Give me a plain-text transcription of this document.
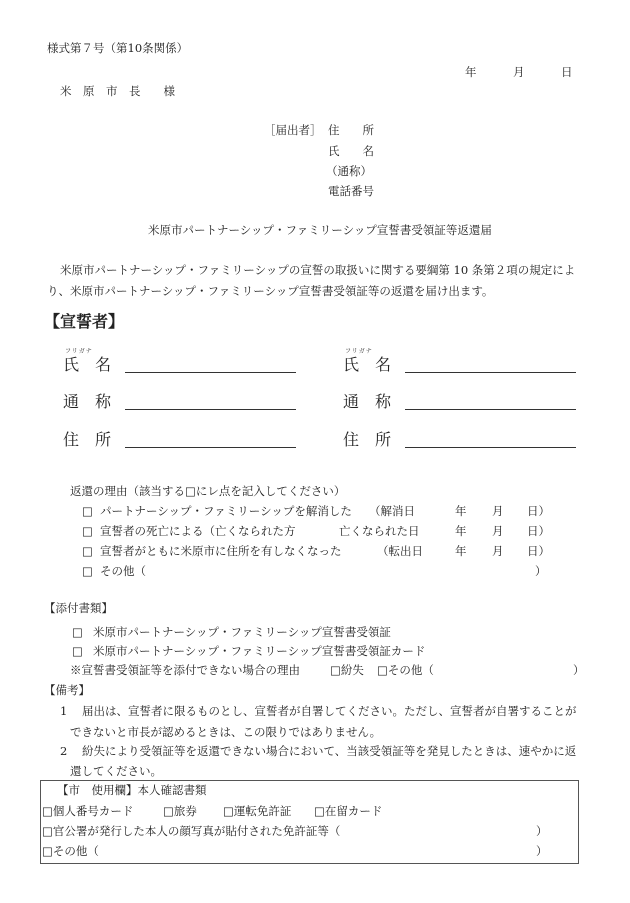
様式第７号（第10条関係）
年	月	日
米　原　市　長　　様
［届出者］ 住　　所
氏　　名
（通称）
電話番号
米原市パートナーシップ・ファミリーシップ宣誓書受領証等返還届
米原市パートナーシップ・ファミリーシップの宣誓の取扱いに関する要綱第 10 条第２項の規定によ
り、米原市パートナーシップ・ファミリーシップ宣誓書受領証等の返還を届け出ます。
【宣誓者】
フリガナ	フリガナ
氏　名	氏　名
通　称	通　称
住　所	住　所
返還の理由（該当する□にレ点を記入してください）
□ パートナーシップ・ファミリーシップを解消した （解消日	年 月 日）
□ 宣誓者の死亡による（亡くなられた方	亡くなられた日	年 月 日）
□ 宣誓者がともに米原市に住所を有しなくなった	（転出日	年 月 日）
□ その他（	）
【添付書類】
□ 米原市パートナーシップ・ファミリーシップ宣誓書受領証
□ 米原市パートナーシップ・ファミリーシップ宣誓書受領証カード
※宣誓書受領証等を添付できない場合の理由	□紛失 □その他（	）
【備考】
1 届出は、宣誓者に限るものとし、宣誓者が自署してください。ただし、宣誓者が自署することが
できないと市長が認めるときは、この限りではありません。
2 紛失により受領証等を返還できない場合において、当該受領証等を発見したときは、速やかに返
還してください。
【市　使用欄】本人確認書類
□個人番号カード	□旅券 □運転免許証 □在留カード
□官公署が発行した本人の顔写真が貼付された免許証等（	）
□その他（	）
